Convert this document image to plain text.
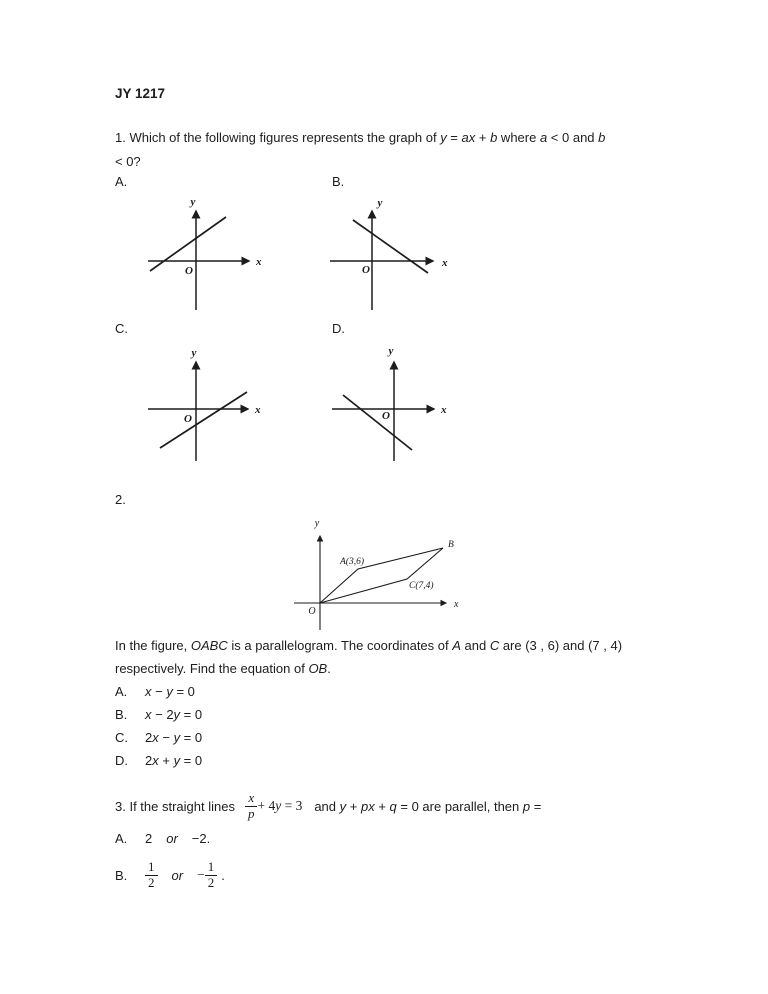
JY 1217
1. Which of the following figures represents the graph of y = ax + b where a < 0 and b
< 0?
A.	B.
C.	D.
y
x
O
y
x
O
y
x
O
y
x
O
2.
y
x
O
A(3,6)
B
C(7,4)
In the figure, OABC is a parallelogram. The coordinates of A and C are (3 , 6) and (7 , 4)
respectively. Find the equation of OB.
A.	x − y = 0
B.	x − 2y = 0
C.	2x − y = 0
D.	2x + y = 0
3. If the straight lines $\frac{x}{p} + 4y = 3$ and y + px + q = 0 are parallel, then p =
A.	2 or −2.
B.	$\frac{1}{2}$ or − $\frac{1}{2}$ .
